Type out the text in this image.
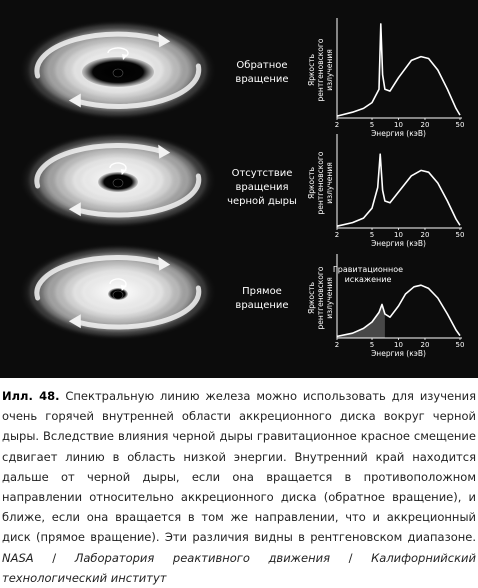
Обратное
вращение
Отсутствие
вращения
черной дыры
Прямое
вращение
2	5	10	20	50
Энергия (кэВ)
Яркость рентгеновского излучения
2	5	10	20	50
Энергия (кэВ)
Яркость рентгеновского излучения
2	5	10	20	50
Энергия (кэВ)
Яркость рентгеновского излучения
Гравитационное
искажение

Илл. 48. Спектральную линию железа можно использовать для изучения очень горячей внутренней области аккреционного диска вокруг черной дыры. Вследствие влияния черной дыры гравитационное красное смещение сдвигает линию в область низкой энергии. Внутренний край находится дальше от черной дыры, если она вращается в противоположном направлении относительно аккреционного диска (обратное вращение), и ближе, если она вращается в том же направлении, что и аккреционный диск (прямое вращение). Эти различия видны в рентгеновском диапазоне. NASA / Лаборатория реактивного движения / Калифорнийский технологический институт
